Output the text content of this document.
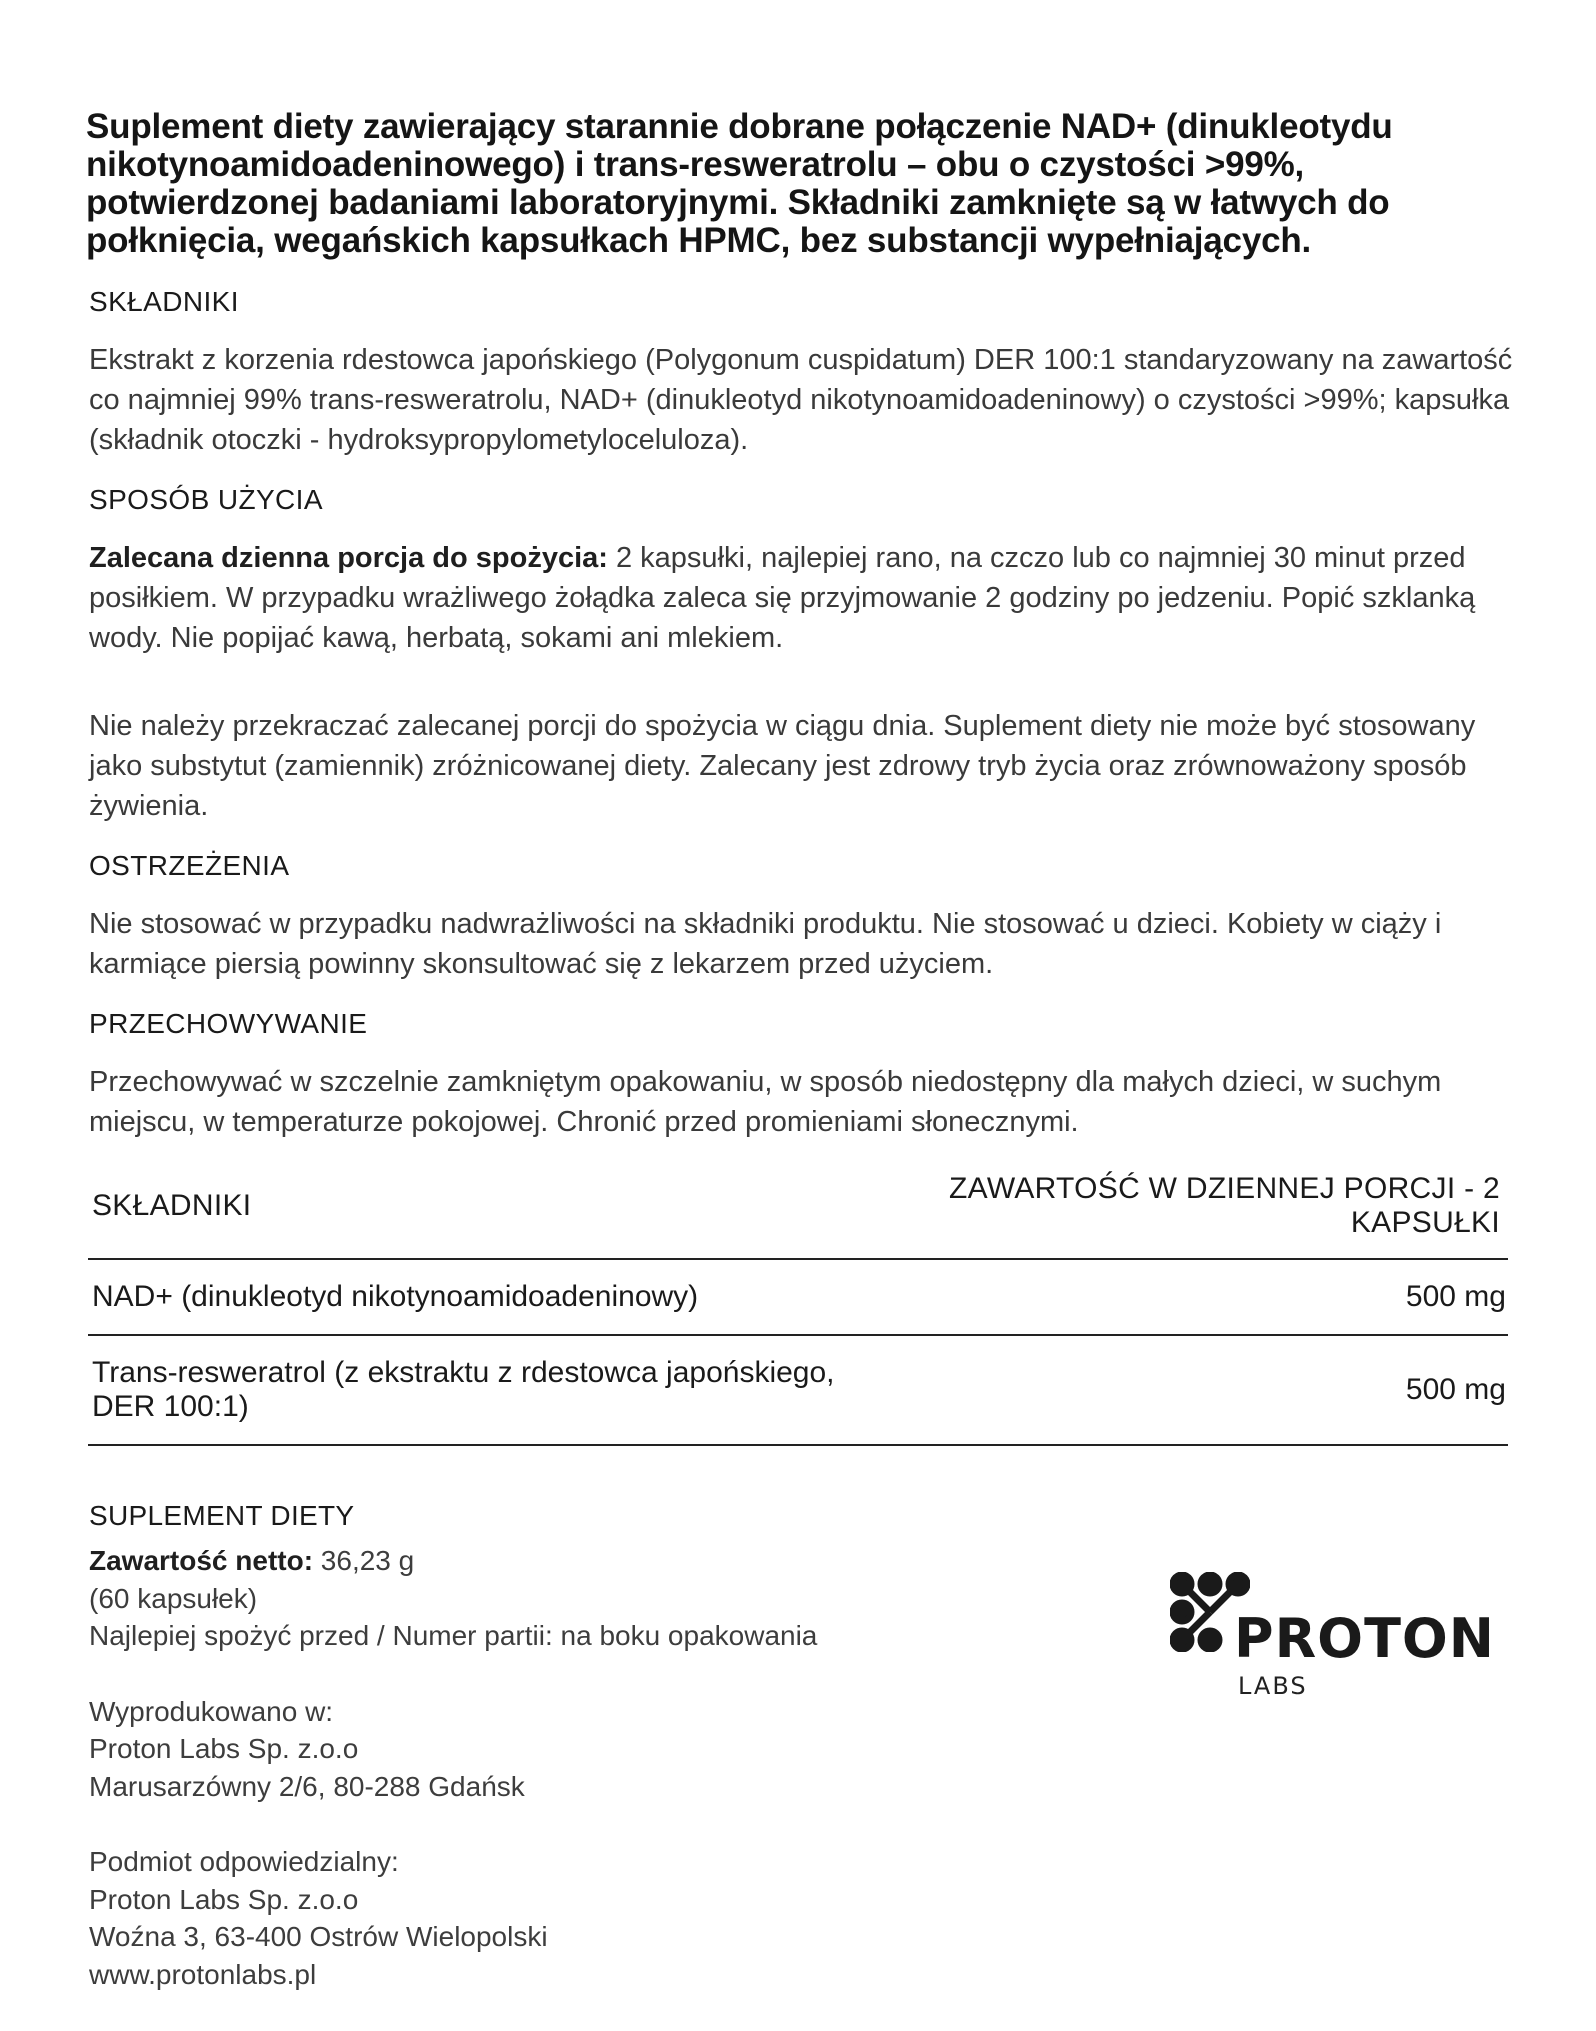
Suplement diety zawierający starannie dobrane połączenie NAD+ (dinukleotydu nikotynoamidoadeninowego) i trans-resweratrolu – obu o czystości >99%, potwierdzonej badaniami laboratoryjnymi. Składniki zamknięte są w łatwych do połknięcia, wegańskich kapsułkach HPMC, bez substancji wypełniających.

SKŁADNIKI

Ekstrakt z korzenia rdestowca japońskiego (Polygonum cuspidatum) DER 100:1 standaryzowany na zawartość co najmniej 99% trans-resweratrolu, NAD+ (dinukleotyd nikotynoamidoadeninowy) o czystości >99%; kapsułka (składnik otoczki - hydroksypropylometyloceluloza).

SPOSÓB UŻYCIA

Zalecana dzienna porcja do spożycia: 2 kapsułki, najlepiej rano, na czczo lub co najmniej 30 minut przed posiłkiem. W przypadku wrażliwego żołądka zaleca się przyjmowanie 2 godziny po jedzeniu. Popić szklanką wody. Nie popijać kawą, herbatą, sokami ani mlekiem.

Nie należy przekraczać zalecanej porcji do spożycia w ciągu dnia. Suplement diety nie może być stosowany jako substytut (zamiennik) zróżnicowanej diety. Zalecany jest zdrowy tryb życia oraz zrównoważony sposób żywienia.

OSTRZEŻENIA

Nie stosować w przypadku nadwrażliwości na składniki produktu. Nie stosować u dzieci. Kobiety w ciąży i karmiące piersią powinny skonsultować się z lekarzem przed użyciem.

PRZECHOWYWANIE

Przechowywać w szczelnie zamkniętym opakowaniu, w sposób niedostępny dla małych dzieci, w suchym miejscu, w temperaturze pokojowej. Chronić przed promieniami słonecznymi.

SKŁADNIKI	ZAWARTOŚĆ W DZIENNEJ PORCJI - 2 KAPSUŁKI
NAD+ (dinukleotyd nikotynoamidoadeninowy)	500 mg
Trans-resweratrol (z ekstraktu z rdestowca japońskiego, DER 100:1)	500 mg
SUPLEMENT DIETY
Zawartość netto: 36,23 g
(60 kapsułek)
Najlepiej spożyć przed / Numer partii: na boku opakowania
Wyprodukowano w:
Proton Labs Sp. z.o.o
Marusarzówny 2/6, 80-288 Gdańsk
Podmiot odpowiedzialny:
Proton Labs Sp. z.o.o
Woźna 3, 63-400 Ostrów Wielopolski
www.protonlabs.pl
PROTON
LABS
